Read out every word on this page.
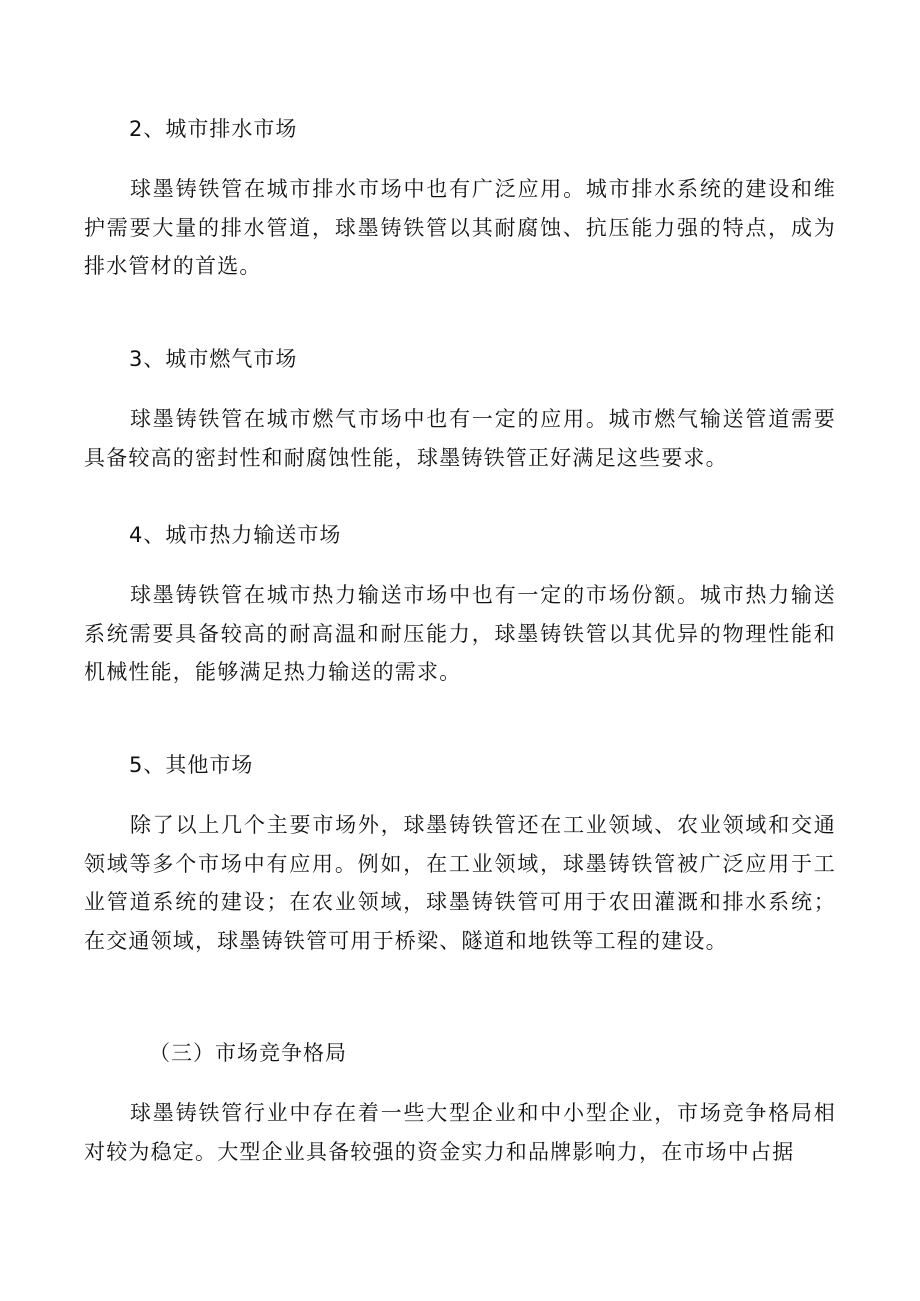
2、城市排水市场
球墨铸铁管在城市排水市场中也有广泛应用。城市排水系统的建设和维护需要大量的排水管道，球墨铸铁管以其耐腐蚀、抗压能力强的特点，成为排水管材的首选。
3、城市燃气市场
球墨铸铁管在城市燃气市场中也有一定的应用。城市燃气输送管道需要具备较高的密封性和耐腐蚀性能，球墨铸铁管正好满足这些要求。
4、城市热力输送市场
球墨铸铁管在城市热力输送市场中也有一定的市场份额。城市热力输送系统需要具备较高的耐高温和耐压能力，球墨铸铁管以其优异的物理性能和机械性能，能够满足热力输送的需求。
5、其他市场
除了以上几个主要市场外，球墨铸铁管还在工业领域、农业领域和交通领域等多个市场中有应用。例如，在工业领域，球墨铸铁管被广泛应用于工业管道系统的建设；在农业领域，球墨铸铁管可用于农田灌溉和排水系统；在交通领域，球墨铸铁管可用于桥梁、隧道和地铁等工程的建设。
（三）市场竞争格局
球墨铸铁管行业中存在着一些大型企业和中小型企业，市场竞争格局相对较为稳定。大型企业具备较强的资金实力和品牌影响力，在市场中占据
